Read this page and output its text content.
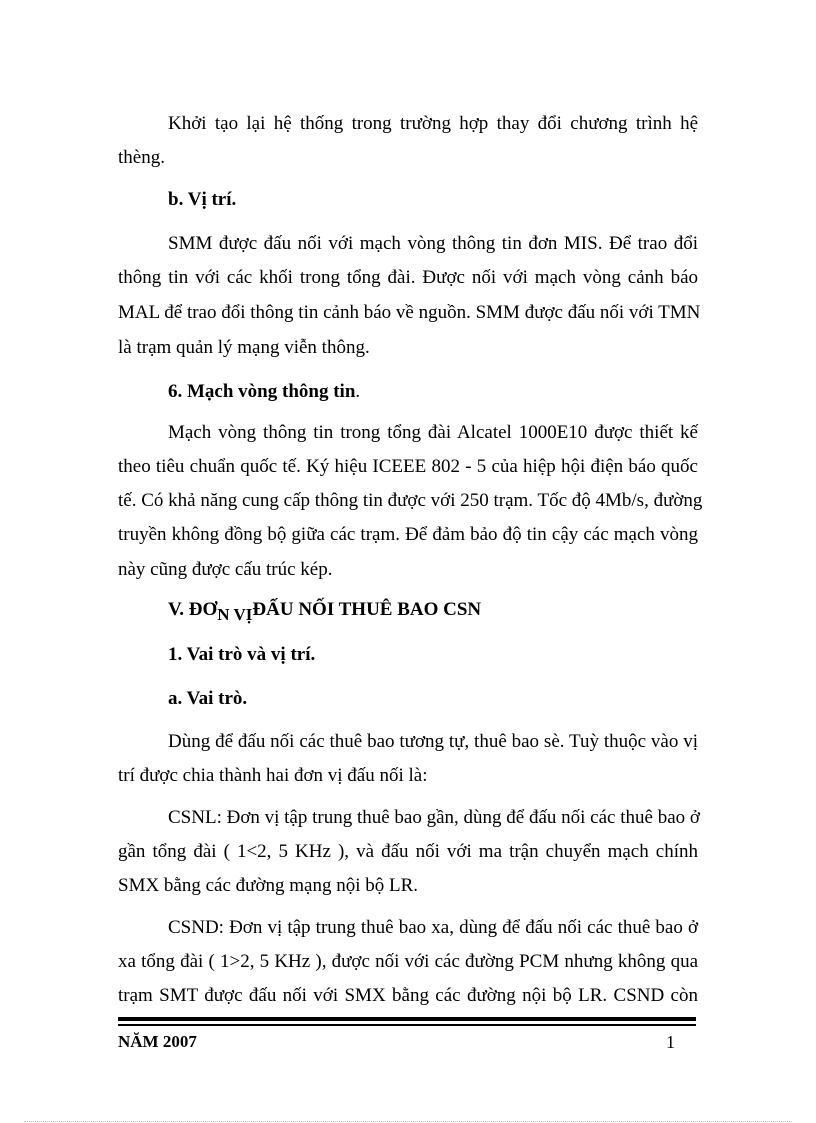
Khởi tạo lại hệ thống trong trường hợp thay đổi chương trình hệ
thèng.
b. Vị trí.
SMM được đấu nối với mạch vòng thông tin đơn MIS. Để trao đổi
thông tin với các khối trong tổng đài. Được nối với mạch vòng cảnh báo
MAL để trao đổi thông tin cảnh báo về nguồn. SMM được đấu nối với TMN
là trạm quản lý mạng viễn thông.
6. Mạch vòng thông tin.
Mạch vòng thông tin trong tổng đài Alcatel 1000E10 được thiết kế
theo tiêu chuẩn quốc tế. Ký hiệu ICEEE 802 - 5 của hiệp hội điện báo quốc
tế. Có khả năng cung cấp thông tin được với 250 trạm. Tốc độ 4Mb/s, đường
truyền không đồng bộ giữa các trạm. Để đảm bảo độ tin cậy các mạch vòng
này cũng được cấu trúc kép.
V. ĐƠN VỊĐẤU NỐI THUÊ BAO CSN
1. Vai trò và vị trí.
a. Vai trò.
Dùng để đấu nối các thuê bao tương tự, thuê bao sè. Tuỳ thuộc vào vị
trí được chia thành hai đơn vị đấu nối là:
CSNL: Đơn vị tập trung thuê bao gần, dùng để đấu nối các thuê bao ở
gần tổng đài ( 1<2, 5 KHz ), và đấu nối với ma trận chuyển mạch chính
SMX bằng các đường mạng nội bộ LR.
CSND: Đơn vị tập trung thuê bao xa, dùng để đấu nối các thuê bao ở
xa tổng đài ( 1>2, 5 KHz ), được nối với các đường PCM nhưng không qua
trạm SMT được đấu nối với SMX bằng các đường nội bộ LR. CSND còn
NĂM 2007	1
